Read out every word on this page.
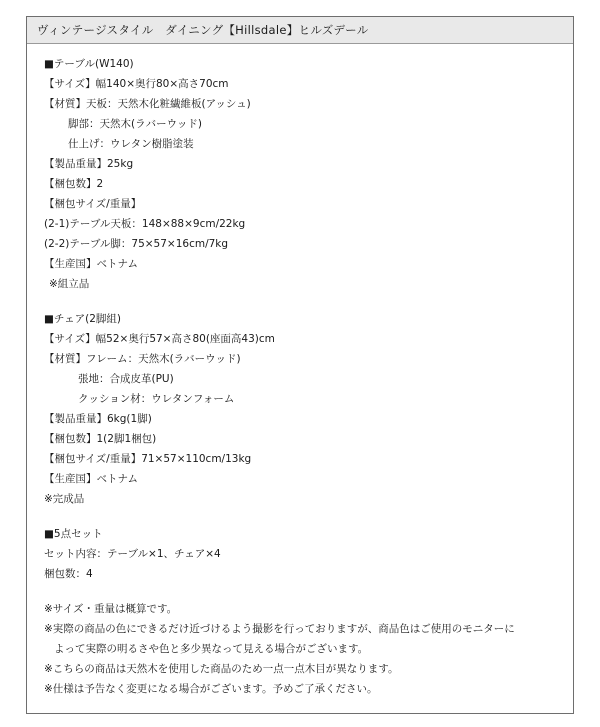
ヴィンテージスタイル　ダイニング【Hillsdale】ヒルズデール
■テーブル(W140)
【サイズ】幅140×奥行80×高さ70cm
【材質】天板：天然木化粧繊維板(アッシュ)
脚部：天然木(ラバーウッド)
仕上げ：ウレタン樹脂塗装
【製品重量】25kg
【梱包数】2
【梱包サイズ/重量】
(2-1)テーブル天板：148×88×9cm/22kg
(2-2)テーブル脚：75×57×16cm/7kg
【生産国】ベトナム
※組立品
■チェア(2脚組)
【サイズ】幅52×奥行57×高さ80(座面高43)cm
【材質】フレーム：天然木(ラバーウッド)
張地：合成皮革(PU)
クッション材：ウレタンフォーム
【製品重量】6kg(1脚)
【梱包数】1(2脚1梱包)
【梱包サイズ/重量】71×57×110cm/13kg
【生産国】ベトナム
※完成品
■5点セット
セット内容：テーブル×1、チェア×4
梱包数：4
※サイズ・重量は概算です。
※実際の商品の色にできるだけ近づけるよう撮影を行っておりますが、商品色はご使用のモニターに
よって実際の明るさや色と多少異なって見える場合がございます。
※こちらの商品は天然木を使用した商品のため一点一点木目が異なります。
※仕様は予告なく変更になる場合がございます。予めご了承ください。
